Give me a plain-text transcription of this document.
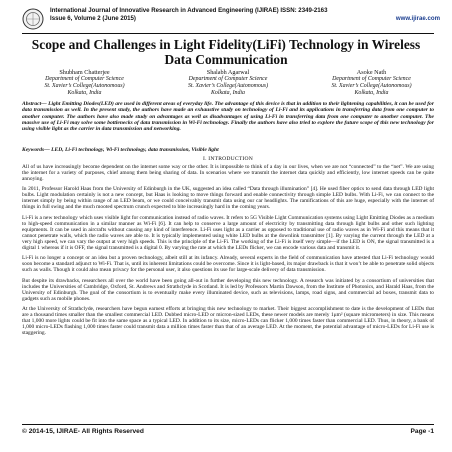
International Journal of Innovative Research in Advanced Engineering (IJIRAE) ISSN: 2349-2163
Issue 6, Volume 2 (June 2015)	www.ijirae.com
Scope and Challenges in Light Fidelity(LiFi) Technology in Wireless Data Communication
Shubham Chatterjee
Department of Computer Science
St. Xavier’s College(Autonomous)
Kolkata, India
Shalabh Agarwal
Department of Computer Science
St. Xavier’s College(Autonomous)
Kolkata, India
Asoke Nath
Department of Computer Science
St. Xavier’s College(Autonomous)
Kolkata, India
Abstract— Light Emitting Diodes(LED) are used in different areas of everyday life. The advantage of this device is that in addition to their lightening capabilities, it can be used for data transmission as well. In the present study, the authors have made an exhaustive study on technology of Li-Fi and its applications in transferring data from one computer to another computer. The authors have also made study on advantages as well as disadvantages of using Li-Fi in transferring data from one computer to another computer. The massive use of Li-Fi may solve some bottlenecks of data transmission in Wi-Fi technology. Finally the authors have also tried to explore the future scope of this new technology for using visible light as the carrier in data transmission and networking.
Keywords— LED, Li-Fi technology, Wi-Fi technology, data transmission, Visible light
I. INTRODUCTION

All of us have increasingly become dependent on the internet some way or the other. It is impossible to think of a day in our lives, when we are not “connected” to the “net”. We are using the internet for a variety of purposes, chief among them being sharing of data. In scenarios where we transmit the internet data quickly and efficiently, low internet speeds can be quite annoying.

In 2011, Professor Harold Haas from the University of Edinburgh in the UK, suggested an idea called “Data through illumination” [4]. He used fiber optics to send data through LED light bulbs. Light modulation certainly is not a new concept, but Haas is looking to move things forward and enable connectivity through simple LED bulbs. With Li-Fi, we can connect to the internet simply by being within range of an LED beam, or we could conceivably transmit data using our car headlights. The ramifications of this are huge, especially with the internet of things in full swing and the much mooted spectrum crunch expected to bite increasingly hard in the coming years.

Li-Fi is a new technology which uses visible light for communication instead of radio waves. It refers to 5G Visible Light Communication systems using Light Emitting Diodes as a medium to high-speed communication in a similar manner as Wi-Fi [6]. It can help to conserve a large amount of electricity by transmitting data through light bulbs and other such lighting equipments. It can be used in aircrafts without causing any kind of interference. Li-Fi uses light as a carrier as opposed to traditional use of radio waves as in Wi-Fi and this means that it cannot penetrate walls, which the radio waves are able to. It is typically implemented using white LED bulbs at the downlink transmitter [1]. By varying the current through the LED at a very high speed, we can vary the output at very high speeds. This is the principle of the Li-Fi. The working of the Li-Fi is itself very simple—if the LED is ON, the signal transmitted is a digital 1 whereas if it is OFF, the signal transmitted is a digital 0. By varying the rate at which the LEDs flicker, we can encode various data and transmit it.

Li-Fi is no longer a concept or an idea but a proven technology, albeit still at its infancy. Already, several experts in the field of communication have attested that Li-Fi technology would soon become a standard adjunct to Wi-Fi. That is, until its inherent limitations could be overcome. Since it is light-based, its major drawback is that it won’t be able to penetrate solid objects such as walls. Though it could also mean privacy for the personal user, it also questions its use for large-scale delivery of data transmission.

But despite its drawbacks, researchers all over the world have been going all-out in further developing this new technology. A research was initiated by a consortium of universities that includes the Universities of Cambridge, Oxford, St. Andrews and Strathclyde in Scotland. It is led by Professors Martin Dawson, from the Institute of Photonics, and Harald Haas, from the University of Edinburgh. The goal of the consortium is to eventually make every illuminated device, such as televisions, lamps, road signs, and commercial ad boxes, transmit data to gadgets such as mobile phones.

At the University of Strathclyde, researchers have begun earnest efforts at bringing this new technology to market. Their biggest accomplishment to date is the development of LEDs that are a thousand times smaller than the smallest commercial LED. Dubbed micro-LED or micron-sized LEDs, these newer models are merely 1μm² (square micrometers) in size. This means that 1,000 more lights could be fit into the same space as a typical LED. In addition to its size, micro-LEDs can flicker 1,000 times faster than commercial LED. Thus, in theory, a bank of 1,000 micro-LEDs flashing 1,000 times faster could transmit data a million times faster than that of an average LED. At the moment, the potential advantage of micro-LEDs for Li-Fi use is staggering.

© 2014-15, IJIRAE- All Rights Reserved	Page -1
